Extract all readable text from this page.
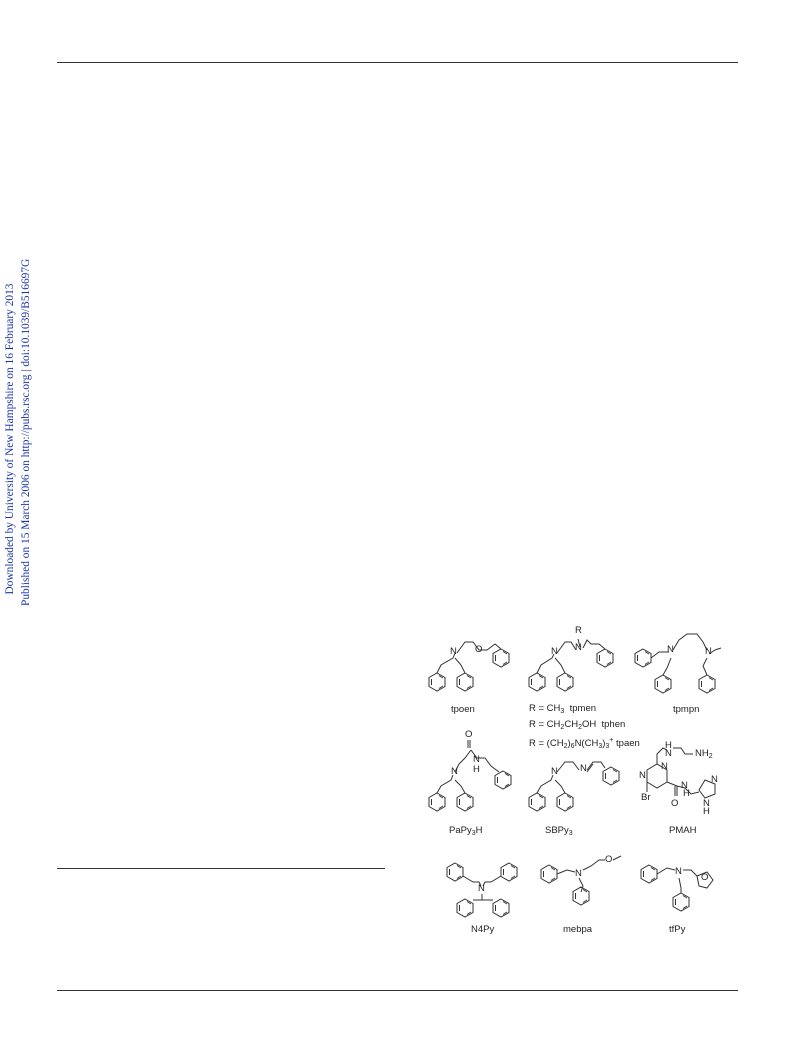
Downloaded by University of New Hampshire on 16 February 2013 Published on 15 March 2006 on http://pubs.rsc.org | doi:10.1039/B516697G
N O	N N
R
N	N
N
O
N
H	N N
H
N $NH_2$
N
N
O
N
H
Br
N
N
H
N
N
O
N
O
tpoen	tpmpn
$R = CH_3$ tpmen
$R = CH_2CH_2OH$ tphen
$R = (CH_2)_6N(CH_3)_3^+$ tpaen
PaPy$_3$H	SBPy$_3$	PMAH
N4Py	mebpa	tfPy
